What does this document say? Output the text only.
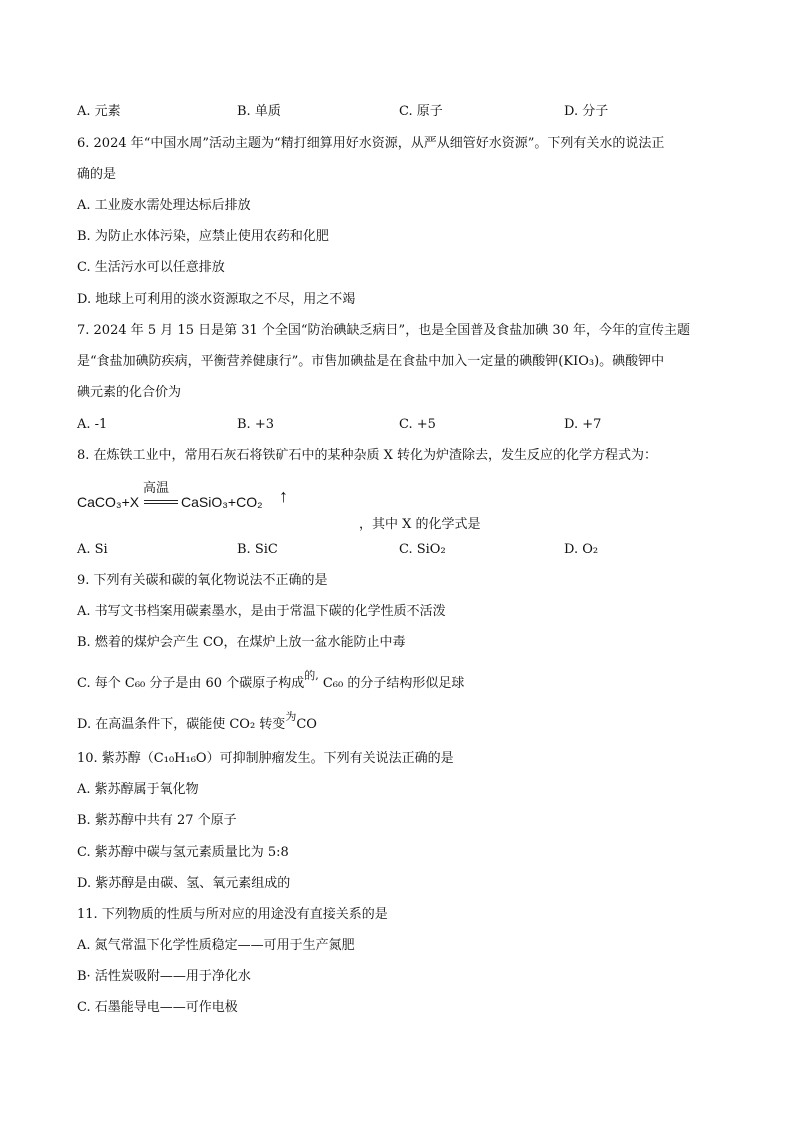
A. 元素	B. 单质	C. 原子	D. 分子
6. 2024 年“中国水周”活动主题为“精打细算用好水资源，从严从细管好水资源”。下列有关水的说法正
确的是
A. 工业废水需处理达标后排放
B. 为防止水体污染，应禁止使用农药和化肥
C. 生活污水可以任意排放
D. 地球上可利用的淡水资源取之不尽，用之不竭
7. 2024 年 5 月 15 日是第 31 个全国“防治碘缺乏病日”，也是全国普及食盐加碘 30 年，今年的宣传主题
是“食盐加碘防疾病，平衡营养健康行”。市售加碘盐是在食盐中加入一定量的碘酸钾(KIO₃)。碘酸钾中
碘元素的化合价为
A. -1	B. +3	C. +5	D. +7
8. 在炼铁工业中，常用石灰石将铁矿石中的某种杂质 X 转化为炉渣除去，发生反应的化学方程式为：
CaCO₃+X
高温
CaSiO₃+CO₂ ↑
，其中 X 的化学式是
A. Si	B. SiC	C. SiO₂	D. O₂
9. 下列有关碳和碳的氧化物说法不正确的是
A. 书写文书档案用碳素墨水，是由于常温下碳的化学性质不活泼
B. 燃着的煤炉会产生 CO，在煤炉上放一盆水能防止中毒
C. 每个 C₆₀ 分子是由 60 个碳原子构成$^{的,}$ C₆₀ 的分子结构形似足球
D. 在高温条件下，碳能使 CO₂ 转变$^为$CO
10. 紫苏醇（C₁₀H₁₆O）可抑制肿瘤发生。下列有关说法正确的是
A. 紫苏醇属于氧化物
B. 紫苏醇中共有 27 个原子
C. 紫苏醇中碳与氢元素质量比为 5:8
D. 紫苏醇是由碳、氢、氧元素组成的
11. 下列物质的性质与所对应的用途没有直接关系的是
A. 氮气常温下化学性质稳定——可用于生产氮肥
B· 活性炭吸附——用于净化水
C. 石墨能导电——可作电极
